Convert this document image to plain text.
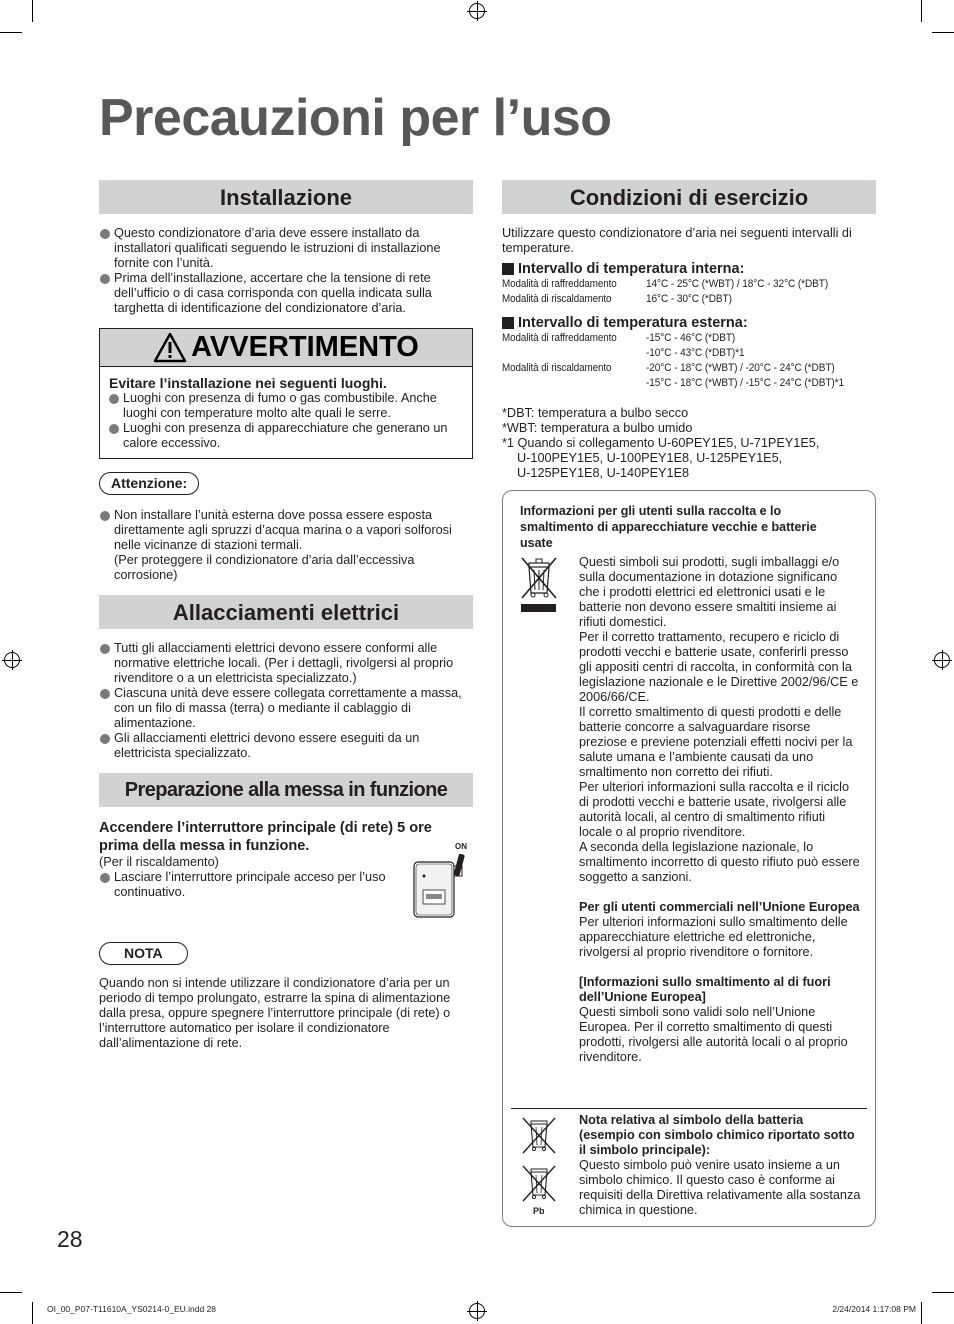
Precauzioni per l’uso
Installazione
Questo condizionatore d’aria deve essere installato da installatori qualificati seguendo le istruzioni di installazione fornite con l’unità.
Prima dell’installazione, accertare che la tensione di rete dell’ufficio o di casa corrisponda con quella indicata sulla targhetta di identificazione del condizionatore d’aria.
AVVERTIMENTO
Evitare l’installazione nei seguenti luoghi.
Luoghi con presenza di fumo o gas combustibile. Anche luoghi con temperature molto alte quali le serre.
Luoghi con presenza di apparecchiature che generano un calore eccessivo.
Attenzione:
Non installare l’unità esterna dove possa essere esposta direttamente agli spruzzi d’acqua marina o a vapori solforosi nelle vicinanze di stazioni termali.
(Per proteggere il condizionatore d’aria dall’eccessiva corrosione)
Allacciamenti elettrici
Tutti gli allacciamenti elettrici devono essere conformi alle normative elettriche locali. (Per i dettagli, rivolgersi al proprio rivenditore o a un elettricista specializzato.)
Ciascuna unità deve essere collegata correttamente a massa, con un filo di massa (terra) o mediante il cablaggio di alimentazione.
Gli allacciamenti elettrici devono essere eseguiti da un elettricista specializzato.
Preparazione alla messa in funzione
Accendere l’interruttore principale (di rete) 5 ore prima della messa in funzione.
(Per il riscaldamento)
Lasciare l’interruttore principale acceso per l’uso continuativo.
ON
NOTA

Quando non si intende utilizzare il condizionatore d’aria per un periodo di tempo prolungato, estrarre la spina di alimentazione dalla presa, oppure spegnere l’interruttore principale (di rete) o l’interruttore automatico per isolare il condizionatore dall’alimentazione di rete.

Condizioni di esercizio

Utilizzare questo condizionatore d’aria nei seguenti intervalli di temperature.

Intervallo di temperatura interna:
Modalità di raffreddamento	14°C - 25°C (*WBT) / 18°C - 32°C (*DBT)
Modalità di riscaldamento	16°C - 30°C (*DBT)
Intervallo di temperatura esterna:
Modalità di raffreddamento	-15°C - 46°C (*DBT)
-10°C - 43°C (*DBT)*1
Modalità di riscaldamento	-20°C - 18°C (*WBT) / -20°C - 24°C (*DBT)
-15°C - 18°C (*WBT) / -15°C - 24°C (*DBT)*1
*DBT: temperatura a bulbo secco
*WBT: temperatura a bulbo umido
*1 Quando si collegamento U-60PEY1E5, U-71PEY1E5,
U-100PEY1E5, U-100PEY1E8, U-125PEY1E5,
U-125PEY1E8, U-140PEY1E8
Informazioni per gli utenti sulla raccolta e lo smaltimento di apparecchiature vecchie e batterie usate

Questi simboli sui prodotti, sugli imballaggi e/o sulla documentazione in dotazione significano che i prodotti elettrici ed elettronici usati e le batterie non devono essere smaltiti insieme ai rifiuti domestici.

Per il corretto trattamento, recupero e riciclo di prodotti vecchi e batterie usate, conferirli presso gli appositi centri di raccolta, in conformità con la legislazione nazionale e le Direttive 2002/96/CE e 2006/66/CE.

Il corretto smaltimento di questi prodotti e delle batterie concorre a salvaguardare risorse preziose e previene potenziali effetti nocivi per la salute umana e l’ambiente causati da uno smaltimento non corretto dei rifiuti.

Per ulteriori informazioni sulla raccolta e il riciclo di prodotti vecchi e batterie usate, rivolgersi alle autorità locali, al centro di smaltimento rifiuti locale o al proprio rivenditore.

A seconda della legislazione nazionale, lo smaltimento incorretto di questo rifiuto può essere soggetto a sanzioni.

Per gli utenti commerciali nell’Unione Europea

Per ulteriori informazioni sullo smaltimento delle apparecchiature elettriche ed elettroniche, rivolgersi al proprio rivenditore o fornitore.

[Informazioni sullo smaltimento al di fuori dell’Unione Europea]

Questi simboli sono validi solo nell’Unione Europea. Per il corretto smaltimento di questi prodotti, rivolgersi alle autorità locali o al proprio rivenditore.

Pb

Nota relativa al simbolo della batteria (esempio con simbolo chimico riportato sotto il simbolo principale):

Questo simbolo può venire usato insieme a un simbolo chimico. Il questo caso è conforme ai requisiti della Direttiva relativamente alla sostanza chimica in questione.

28
OI_00_P07-T11610A_YS0214-0_EU.indd 28	2/24/2014 1:17:08 PM
